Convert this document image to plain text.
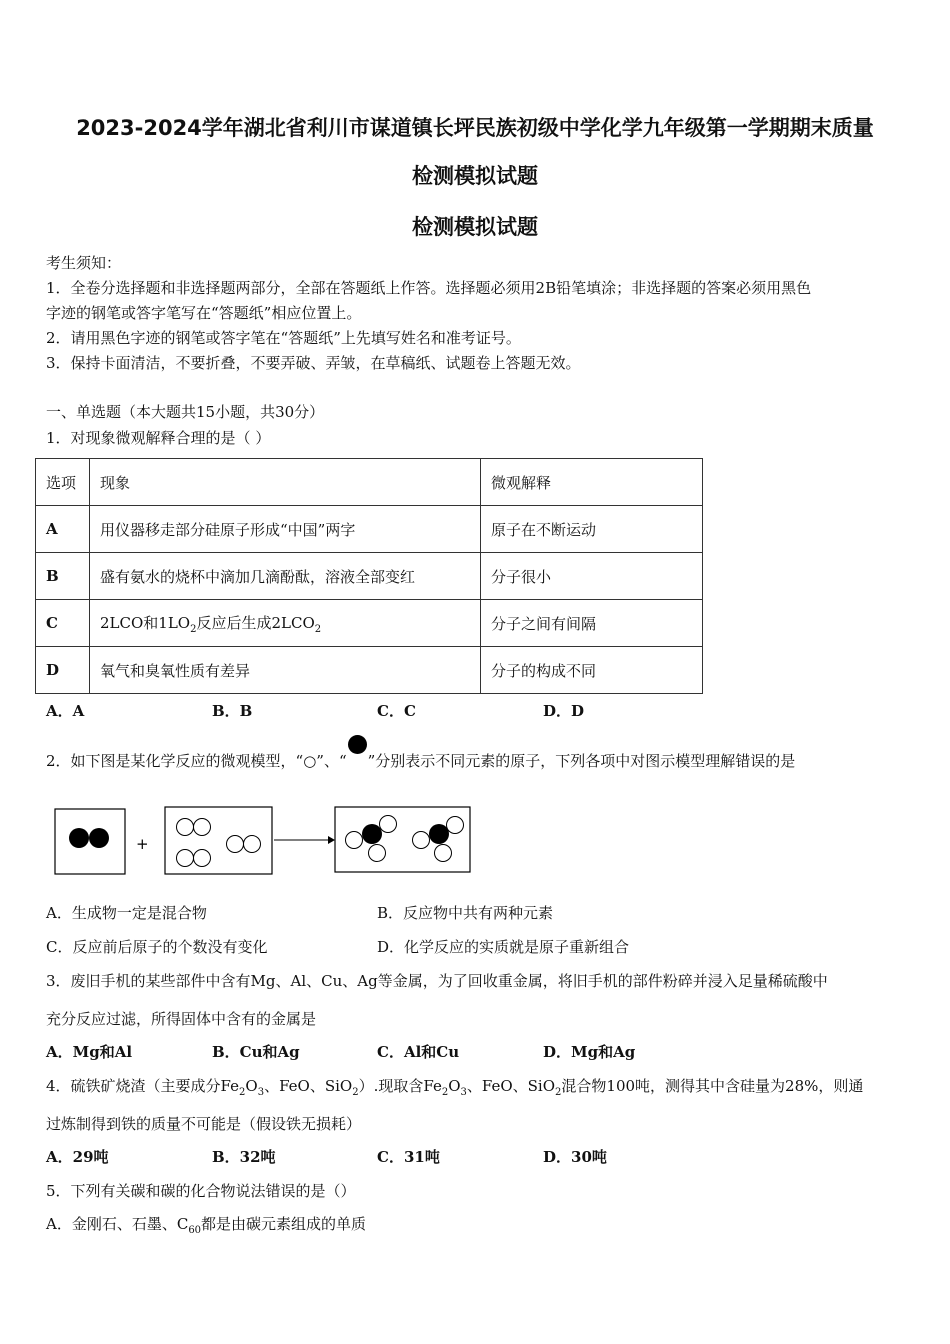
2023-2024学年湖北省利川市谋道镇长坪民族初级中学化学九年级第一学期期末质量
检测模拟试题
检测模拟试题
考生须知：
1．全卷分选择题和非选择题两部分，全部在答题纸上作答。选择题必须用2B铅笔填涂；非选择题的答案必须用黑色
字迹的钢笔或答字笔写在“答题纸”相应位置上。
2．请用黑色字迹的钢笔或答字笔在“答题纸”上先填写姓名和准考证号。
3．保持卡面清洁，不要折叠，不要弄破、弄皱，在草稿纸、试题卷上答题无效。
一、单选题（本大题共15小题，共30分）
1．对现象微观解释合理的是（ ）
选项	现象	微观解释
A	用仪器移走部分硅原子形成“中国”两字	原子在不断运动
B	盛有氨水的烧杯中滴加几滴酚酞，溶液全部变红	分子很小
C	2LCO和$1LO_2$反应后生成$2LCO_2$	分子之间有间隔
D	氧气和臭氧性质有差异	分子的构成不同
A．A	B．B	C．C	D．D
2．如下图是某化学反应的微观模型，“○”、“ ”分别表示不同元素的原子，下列各项中对图示模型理解错误的是
+
A．生成物一定是混合物	B．反应物中共有两种元素
C．反应前后原子的个数没有变化	D．化学反应的实质就是原子重新组合
3．废旧手机的某些部件中含有Mg、Al、Cu、Ag等金属，为了回收重金属，将旧手机的部件粉碎并浸入足量稀硫酸中
充分反应过滤，所得固体中含有的金属是
A．Mg和Al	B．Cu和Ag	C．Al和Cu	D．Mg和Ag
4．硫铁矿烧渣（主要成分$Fe_2O_3$、FeO、SiO$_2$）.现取含$Fe_2O_3$、FeO、SiO$_2$混合物100吨，测得其中含硅量为28%，则通
过炼制得到铁的质量不可能是（假设铁无损耗）
A．29吨	B．32吨	C．31吨	D．30吨
5．下列有关碳和碳的化合物说法错误的是（）
A．金刚石、石墨、$C_{60}$都是由碳元素组成的单质
